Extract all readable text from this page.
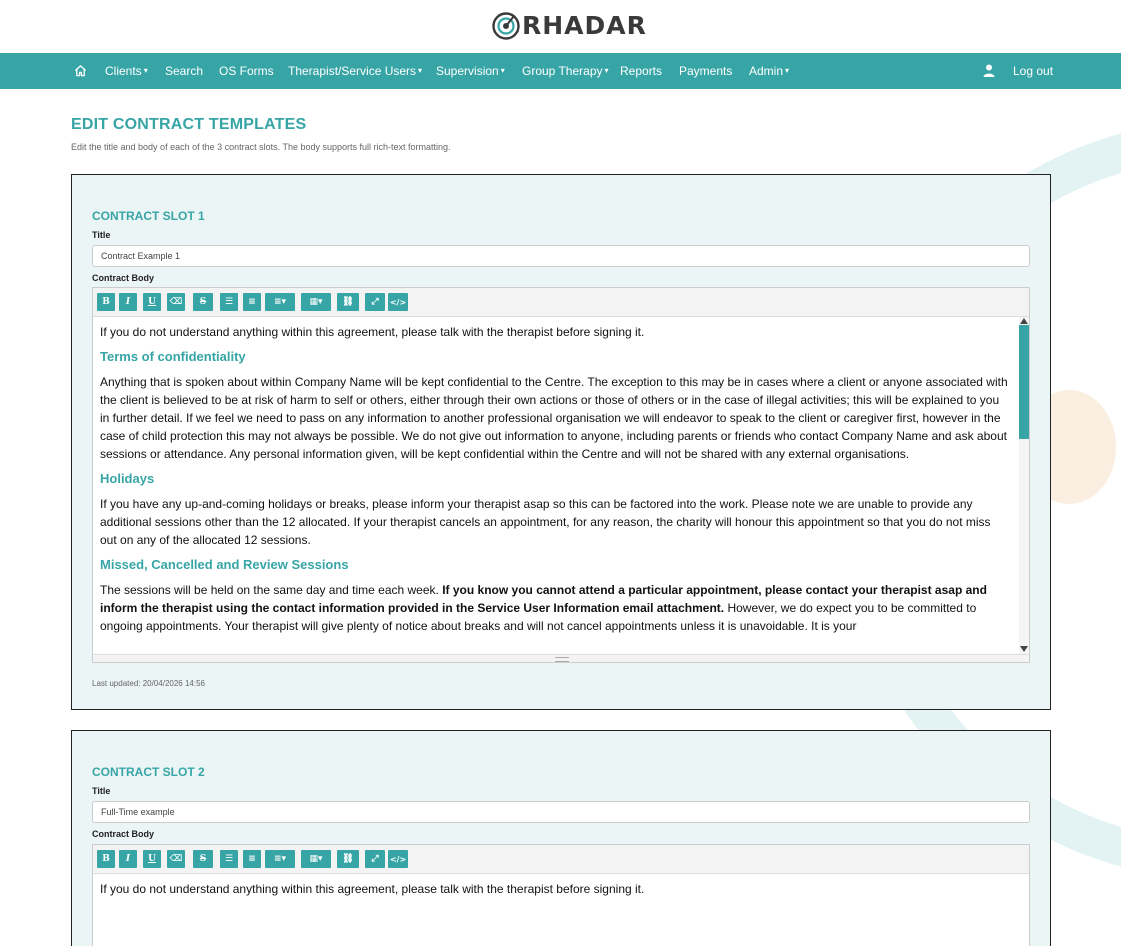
RHADAR
Clients ▾ Search OS Forms Therapist/Service Users ▾ Supervision ▾ Group Therapy ▾ Reports Payments Admin ▾	Log out
EDIT CONTRACT TEMPLATES
Edit the title and body of each of the 3 contract slots. The body supports full rich-text formatting.
CONTRACT SLOT 1
Title
Contract Example 1
Contract Body
B	I	U	⌫	S	☰	≡	≡▾	▦▾	⛓	⤢	</>

If you do not understand anything within this agreement, please talk with the therapist before signing it.

Terms of confidentiality

Anything that is spoken about within Company Name will be kept confidential to the Centre. The exception to this may be in cases where a client or anyone associated with the client is believed to be at risk of harm to self or others, either through their own actions or those of others or in the case of illegal activities; this will be explained to you in further detail. If we feel we need to pass on any information to another professional organisation we will endeavor to speak to the client or caregiver first, however in the case of child protection this may not always be possible. We do not give out information to anyone, including parents or friends who contact Company Name and ask about sessions or attendance. Any personal information given, will be kept confidential within the Centre and will not be shared with any external organisations.

Holidays

If you have any up-and-coming holidays or breaks, please inform your therapist asap so this can be factored into the work. Please note we are unable to provide any additional sessions other than the 12 allocated. If your therapist cancels an appointment, for any reason, the charity will honour this appointment so that you do not miss out on any of the allocated 12 sessions.

Missed, Cancelled and Review Sessions

The sessions will be held on the same day and time each week. If you know you cannot attend a particular appointment, please contact your therapist asap and inform the therapist using the contact information provided in the Service User Information email attachment. However, we do expect you to be committed to ongoing appointments. Your therapist will give plenty of notice about breaks and will not cancel appointments unless it is unavoidable. It is your

Last updated: 20/04/2026 14:56
CONTRACT SLOT 2
Title
Full-Time example
Contract Body
B	I	U	⌫	S	☰	≡	≡▾	▦▾	⛓	⤢	</>

If you do not understand anything within this agreement, please talk with the therapist before signing it.
